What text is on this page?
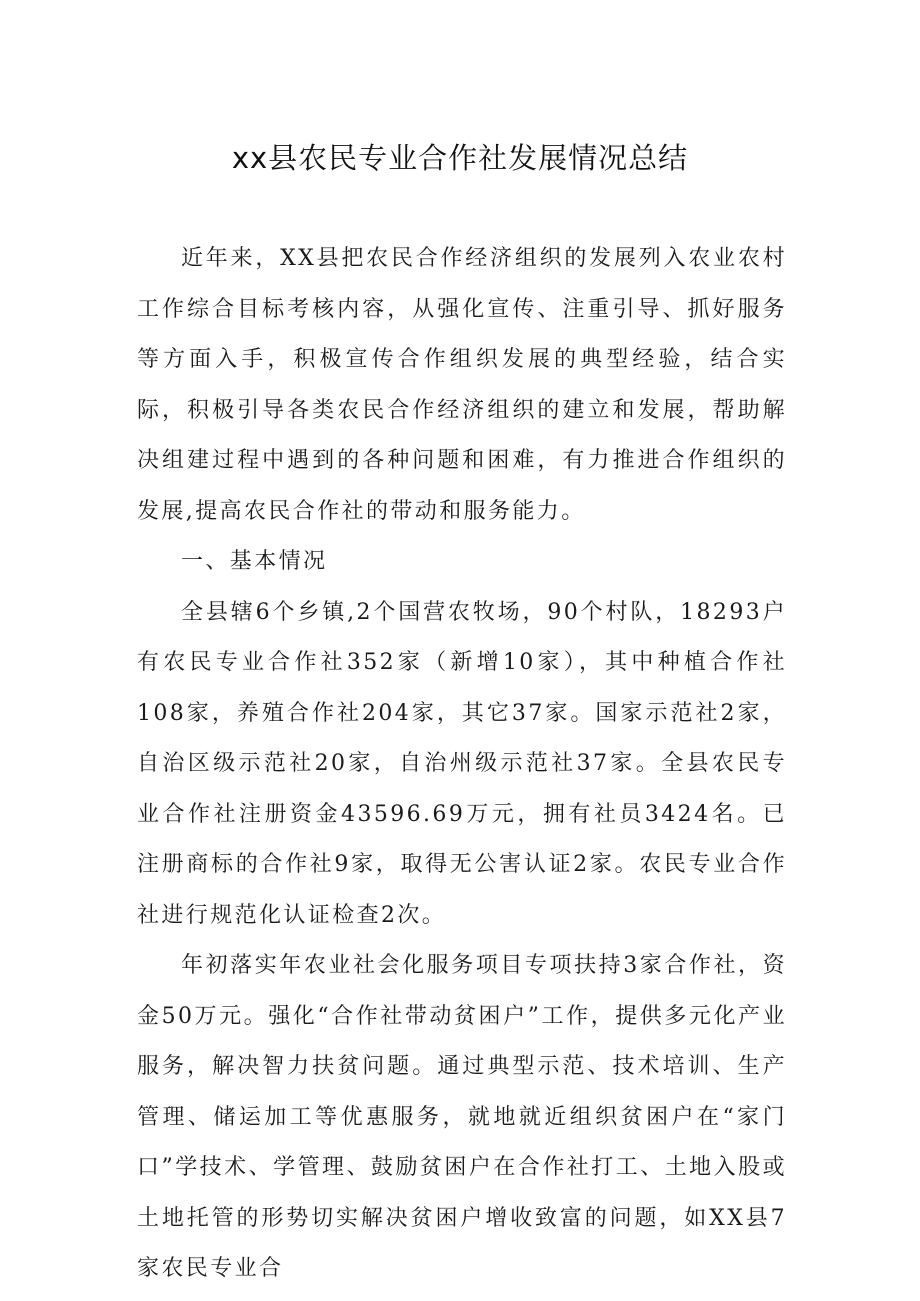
xx县农民专业合作社发展情况总结

近年来，XX县把农民合作经济组织的发展列入农业农村工作综合目标考核内容，从强化宣传、注重引导、抓好服务等方面入手，积极宣传合作组织发展的典型经验，结合实际，积极引导各类农民合作经济组织的建立和发展，帮助解决组建过程中遇到的各种问题和困难，有力推进合作组织的发展,提高农民合作社的带动和服务能力。

一、基本情况

全县辖6个乡镇,2个国营农牧场，90个村队，18293户有农民专业合作社352家（新增10家），其中种植合作社108家，养殖合作社204家，其它37家。国家示范社2家，自治区级示范社20家，自治州级示范社37家。全县农民专业合作社注册资金43596.69万元，拥有社员3424名。已注册商标的合作社9家，取得无公害认证2家。农民专业合作社进行规范化认证检查2次。

年初落实年农业社会化服务项目专项扶持3家合作社，资金50万元。强化“合作社带动贫困户”工作，提供多元化产业服务，解决智力扶贫问题。通过典型示范、技术培训、生产管理、储运加工等优惠服务，就地就近组织贫困户在“家门口”学技术、学管理、鼓励贫困户在合作社打工、土地入股或土地托管的形势切实解决贫困户增收致富的问题，如XX县7家农民专业合
